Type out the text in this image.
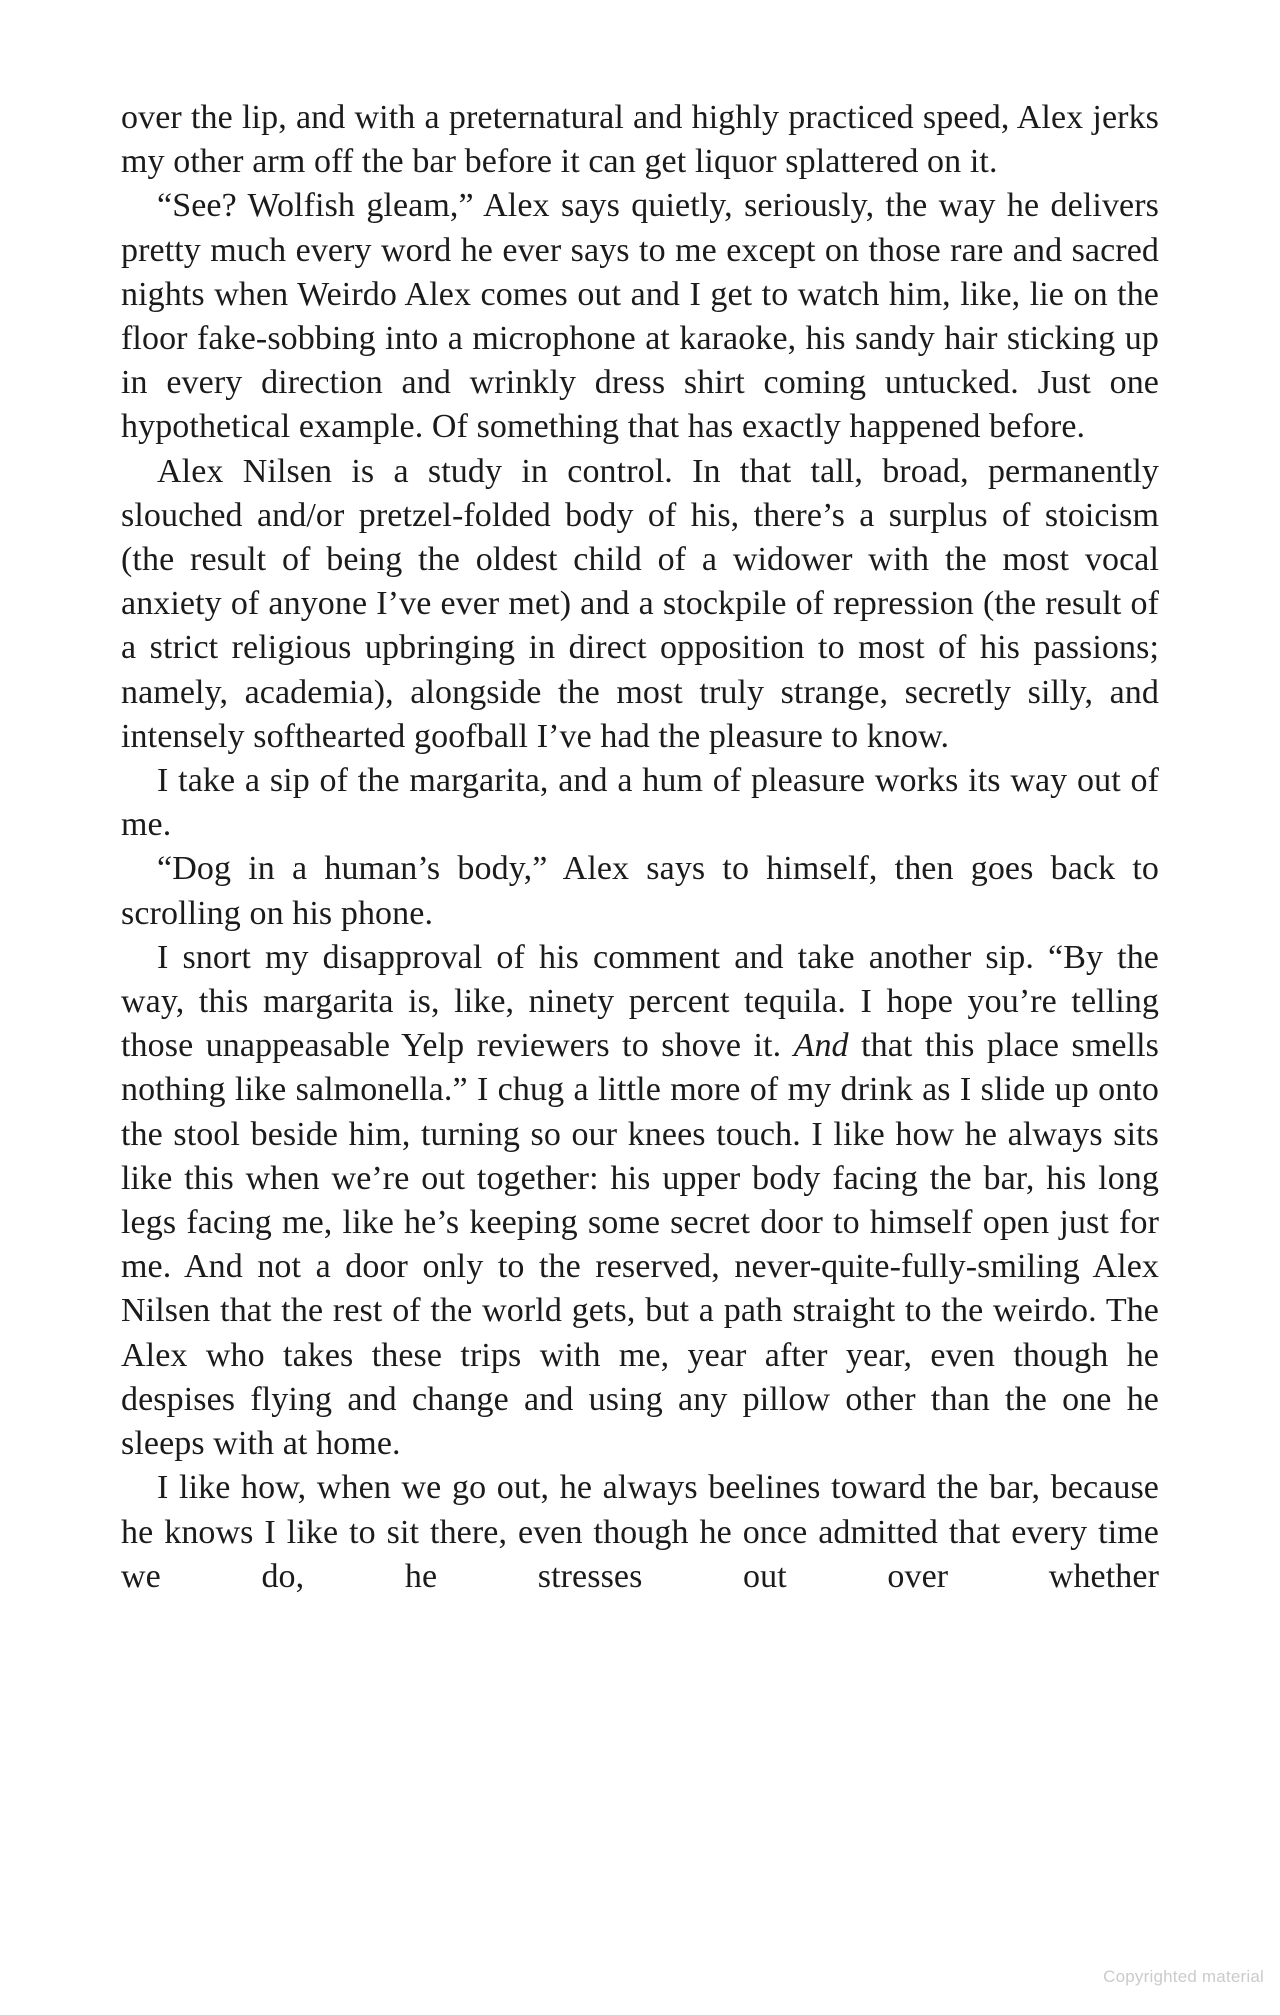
over the lip, and with a preternatural and highly practiced speed, Alex jerks my other arm off the bar before it can get liquor splattered on it.

“See? Wolfish gleam,” Alex says quietly, seriously, the way he delivers pretty much every word he ever says to me except on those rare and sacred nights when Weirdo Alex comes out and I get to watch him, like, lie on the floor fake-sobbing into a microphone at karaoke, his sandy hair sticking up in every direction and wrinkly dress shirt coming untucked. Just one hypothetical example. Of something that has exactly happened before.

Alex Nilsen is a study in control. In that tall, broad, permanently slouched and/or pretzel-folded body of his, there’s a surplus of stoicism (the result of being the oldest child of a widower with the most vocal anxiety of anyone I’ve ever met) and a stockpile of repression (the result of a strict religious upbringing in direct opposition to most of his passions; namely, academia), alongside the most truly strange, secretly silly, and intensely softhearted goofball I’ve had the pleasure to know.

I take a sip of the margarita, and a hum of pleasure works its way out of me.

“Dog in a human’s body,” Alex says to himself, then goes back to scrolling on his phone.

I snort my disapproval of his comment and take another sip. “By the way, this margarita is, like, ninety percent tequila. I hope you’re telling those unappeasable Yelp reviewers to shove it. And that this place smells nothing like salmonella.” I chug a little more of my drink as I slide up onto the stool beside him, turning so our knees touch. I like how he always sits like this when we’re out together: his upper body facing the bar, his long legs facing me, like he’s keeping some secret door to himself open just for me. And not a door only to the reserved, never-quite-fully-smiling Alex Nilsen that the rest of the world gets, but a path straight to the weirdo. The Alex who takes these trips with me, year after year, even though he despises flying and change and using any pillow other than the one he sleeps with at home.

I like how, when we go out, he always beelines toward the bar, because he knows I like to sit there, even though he once admitted that every time we do, he stresses out over whether

Copyrighted material
